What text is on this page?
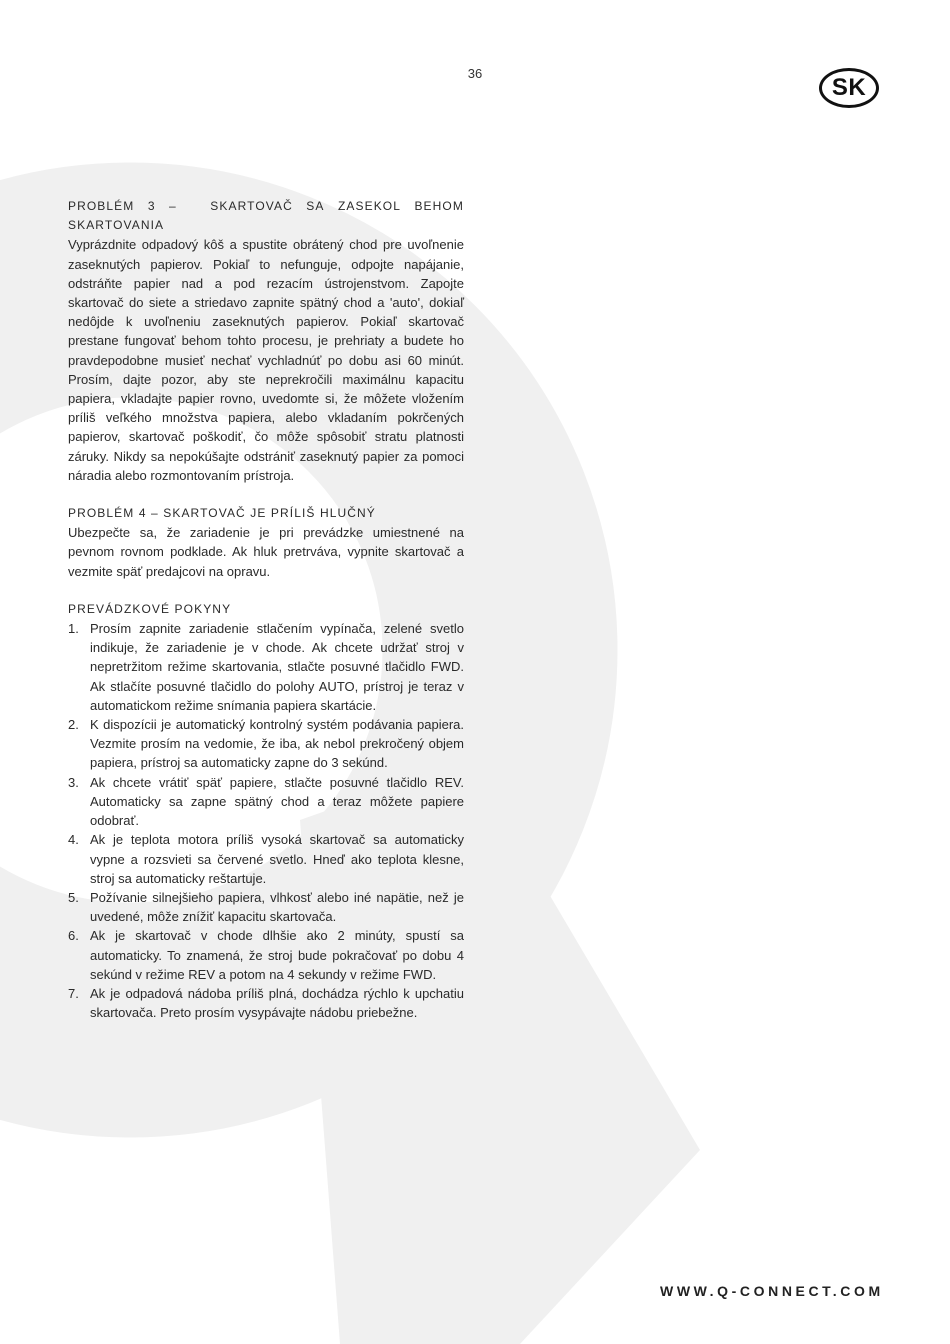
36
SK
PROBLÉM 3 –	SKARTOVAČ SA ZASEKOL BEHOM
SKARTOVANIA

Vyprázdnite odpadový kôš a spustite obrátený chod pre uvoľnenie zaseknutých papierov. Pokiaľ to nefunguje, odpojte napájanie, odstráňte papier nad a pod rezacím ústrojenstvom. Zapojte skartovač do siete a striedavo zapnite spätný chod a 'auto', dokiaľ nedôjde k uvoľneniu zaseknutých papierov. Pokiaľ skartovač prestane fungovať behom tohto procesu, je prehriaty a budete ho pravdepodobne musieť nechať vychladnúť po dobu asi 60 minút. Prosím, dajte pozor, aby ste neprekročili maximálnu kapacitu papiera, vkladajte papier rovno, uvedomte si, že môžete vložením príliš veľkého množstva papiera, alebo vkladaním pokrčených papierov, skartovač poškodiť, čo môže spôsobiť stratu platnosti záruky. Nikdy sa nepokúšajte odstrániť zaseknutý papier za pomoci náradia alebo rozmontovaním prístroja.

PROBLÉM 4 – SKARTOVAČ JE PRÍLIŠ HLUČNÝ

Ubezpečte sa, že zariadenie je pri prevádzke umiestnené na pevnom rovnom podklade. Ak hluk pretrváva, vypnite skartovač a vezmite späť predajcovi na opravu.

PREVÁDZKOVÉ POKYNY
1. Prosím zapnite zariadenie stlačením vypínača, zelené svetlo indikuje, že zariadenie je v chode. Ak chcete udržať stroj v nepretržitom režime skartovania, stlačte posuvné tlačidlo FWD. Ak stlačíte posuvné tlačidlo do polohy AUTO, prístroj je teraz v automatickom režime snímania papiera skartácie.
2. K dispozícii je automatický kontrolný systém podávania papiera. Vezmite prosím na vedomie, že iba, ak nebol prekročený objem papiera, prístroj sa automaticky zapne do 3 sekúnd.
3. Ak chcete vrátiť späť papiere, stlačte posuvné tlačidlo REV. Automaticky sa zapne spätný chod a teraz môžete papiere odobrať.
4. Ak je teplota motora príliš vysoká skartovač sa automaticky vypne a rozsvieti sa červené svetlo. Hneď ako teplota klesne, stroj sa automaticky reštartuje.
5. Požívanie silnejšieho papiera, vlhkosť alebo iné napätie, než je uvedené, môže znížiť kapacitu skartovača.
6. Ak je skartovač v chode dlhšie ako 2 minúty, spustí sa automaticky. To znamená, že stroj bude pokračovať po dobu 4 sekúnd v režime REV a potom na 4 sekundy v režime FWD.
7. Ak je odpadová nádoba príliš plná, dochádza rýchlo k upchatiu skartovača. Preto prosím vysypávajte nádobu priebežne.
WWW.Q-CONNECT.COM
